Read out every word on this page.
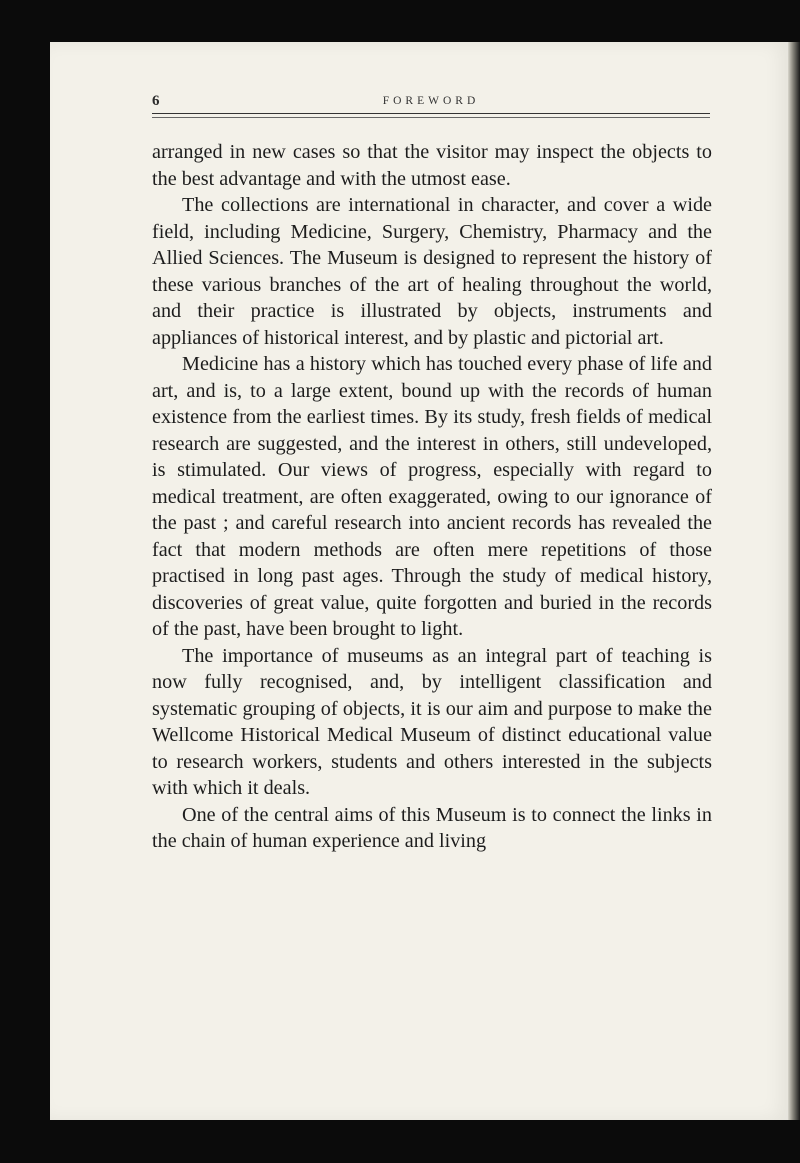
6	FOREWORD

arranged in new cases so that the visitor may inspect the objects to the best advantage and with the utmost ease.

The collections are international in character, and cover a wide field, including Medicine, Surgery, Chemistry, Pharmacy and the Allied Sciences. The Museum is designed to represent the history of these various branches of the art of healing throughout the world, and their practice is illustrated by objects, instruments and appliances of historical interest, and by plastic and pictorial art.

Medicine has a history which has touched every phase of life and art, and is, to a large extent, bound up with the records of human existence from the earliest times. By its study, fresh fields of medical research are suggested, and the interest in others, still undeveloped, is stimulated. Our views of progress, especially with regard to medical treatment, are often exaggerated, owing to our ignorance of the past ; and careful research into ancient records has revealed the fact that modern methods are often mere repetitions of those practised in long past ages. Through the study of medical history, discoveries of great value, quite forgotten and buried in the records of the past, have been brought to light.

The importance of museums as an integral part of teaching is now fully recognised, and, by intelligent classification and systematic grouping of objects, it is our aim and purpose to make the Wellcome Historical Medical Museum of distinct educational value to research workers, students and others interested in the subjects with which it deals.

One of the central aims of this Museum is to connect the links in the chain of human experience and living
